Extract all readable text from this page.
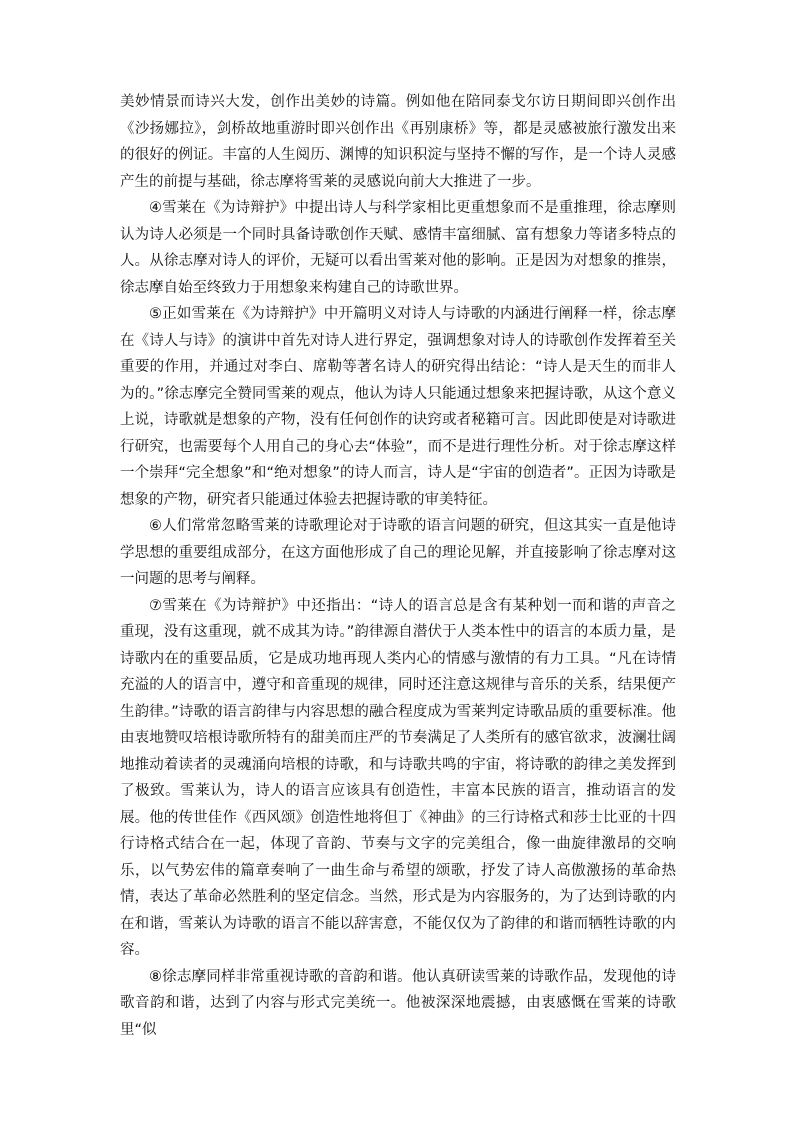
美妙情景而诗兴大发，创作出美妙的诗篇。例如他在陪同泰戈尔访日期间即兴创作出《沙扬娜拉》，剑桥故地重游时即兴创作出《再别康桥》等，都是灵感被旅行激发出来的很好的例证。丰富的人生阅历、渊博的知识积淀与坚持不懈的写作，是一个诗人灵感产生的前提与基础，徐志摩将雪莱的灵感说向前大大推进了一步。

④雪莱在《为诗辩护》中提出诗人与科学家相比更重想象而不是重推理，徐志摩则认为诗人必须是一个同时具备诗歌创作天赋、感情丰富细腻、富有想象力等诸多特点的人。从徐志摩对诗人的评价，无疑可以看出雪莱对他的影响。正是因为对想象的推崇，徐志摩自始至终致力于用想象来构建自己的诗歌世界。

⑤正如雪莱在《为诗辩护》中开篇明义对诗人与诗歌的内涵进行阐释一样，徐志摩在《诗人与诗》的演讲中首先对诗人进行界定，强调想象对诗人的诗歌创作发挥着至关重要的作用，并通过对李白、席勒等著名诗人的研究得出结论：“诗人是天生的而非人为的。”徐志摩完全赞同雪莱的观点，他认为诗人只能通过想象来把握诗歌，从这个意义上说，诗歌就是想象的产物，没有任何创作的诀窍或者秘籍可言。因此即使是对诗歌进行研究，也需要每个人用自己的身心去“体验”，而不是进行理性分析。对于徐志摩这样一个崇拜“完全想象”和“绝对想象”的诗人而言，诗人是“宇宙的创造者”。正因为诗歌是想象的产物，研究者只能通过体验去把握诗歌的审美特征。

⑥人们常常忽略雪莱的诗歌理论对于诗歌的语言问题的研究，但这其实一直是他诗学思想的重要组成部分，在这方面他形成了自己的理论见解，并直接影响了徐志摩对这一问题的思考与阐释。

⑦雪莱在《为诗辩护》中还指出：“诗人的语言总是含有某种划一而和谐的声音之重现，没有这重现，就不成其为诗。”韵律源自潜伏于人类本性中的语言的本质力量，是诗歌内在的重要品质，它是成功地再现人类内心的情感与激情的有力工具。“凡在诗情充溢的人的语言中，遵守和音重现的规律，同时还注意这规律与音乐的关系，结果便产生韵律。”诗歌的语言韵律与内容思想的融合程度成为雪莱判定诗歌品质的重要标准。他由衷地赞叹培根诗歌所特有的甜美而庄严的节奏满足了人类所有的感官欲求，波澜壮阔地推动着读者的灵魂涌向培根的诗歌，和与诗歌共鸣的宇宙，将诗歌的韵律之美发挥到了极致。雪莱认为，诗人的语言应该具有创造性，丰富本民族的语言，推动语言的发展。他的传世佳作《西风颂》创造性地将但丁《神曲》的三行诗格式和莎士比亚的十四行诗格式结合在一起，体现了音韵、节奏与文字的完美组合，像一曲旋律激昂的交响乐，以气势宏伟的篇章奏响了一曲生命与希望的颂歌，抒发了诗人高傲激扬的革命热情，表达了革命必然胜利的坚定信念。当然，形式是为内容服务的，为了达到诗歌的内在和谐，雪莱认为诗歌的语言不能以辞害意，不能仅仅为了韵律的和谐而牺牲诗歌的内容。

⑧徐志摩同样非常重视诗歌的音韵和谐。他认真研读雪莱的诗歌作品，发现他的诗歌音韵和谐，达到了内容与形式完美统一。他被深深地震撼，由衷感慨在雪莱的诗歌里“似
